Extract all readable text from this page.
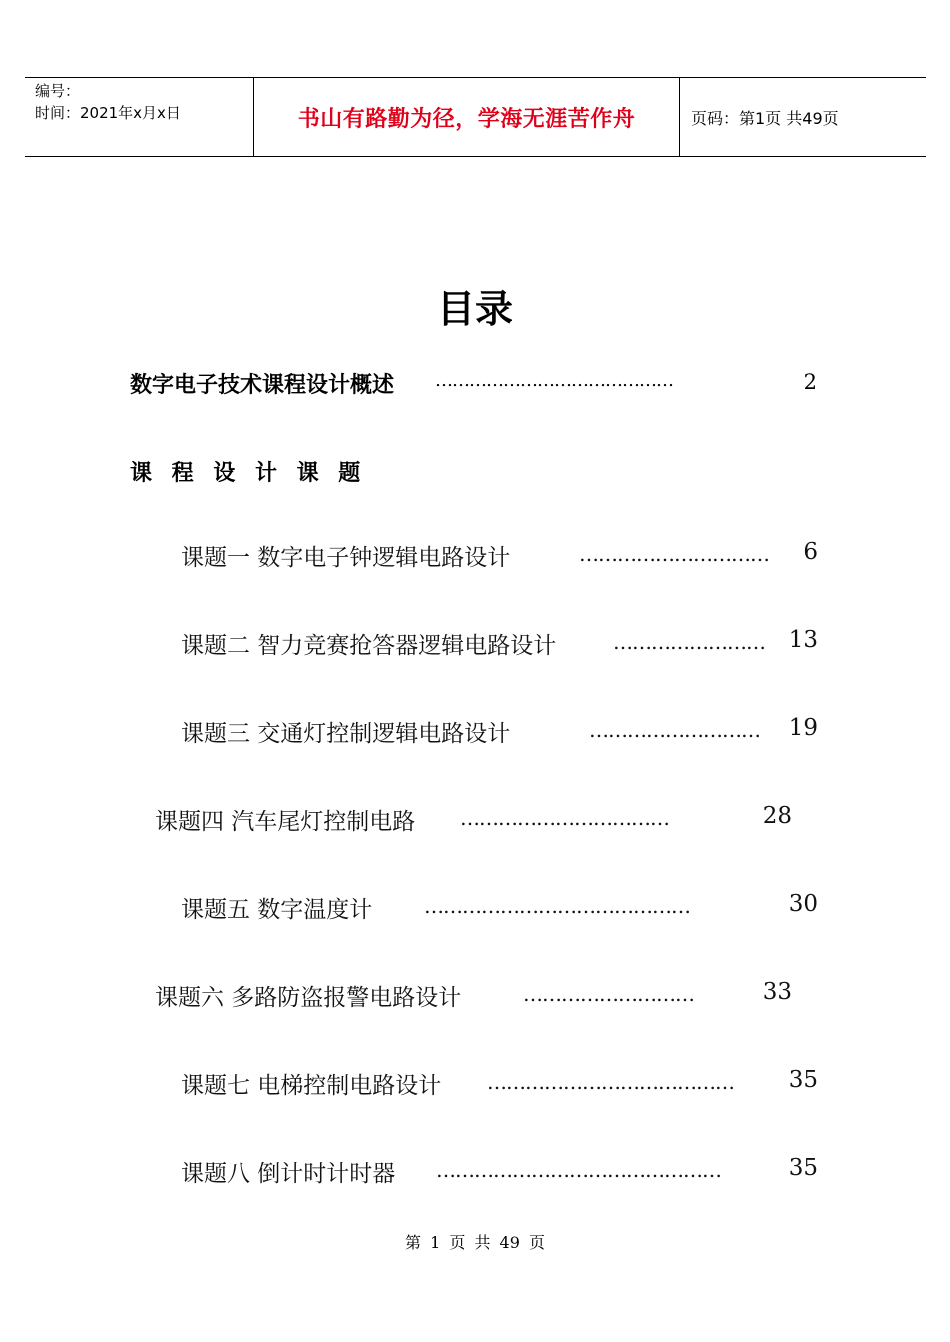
编号：
时间：2021年x月x日	书山有路勤为径，学海无涯苦作舟	页码：第1页 共49页
目录
数字电子技术课程设计概述 ……………………………………	2
课 程 设 计 课 题
课题一 数字电子钟逻辑电路设计	…………………………	6
课题二 智力竞赛抢答器逻辑电路设计	……………………	13
课题三 交通灯控制逻辑电路设计	………………………	19
课题四 汽车尾灯控制电路 ……………………………	28
课题五 数字温度计	……………………………………	30
课题六 多路防盗报警电路设计	………………………	33
课题七 电梯控制电路设计 …………………………………	35
课题八 倒计时计时器 ………………………………………	35
第 1 页 共 49 页
